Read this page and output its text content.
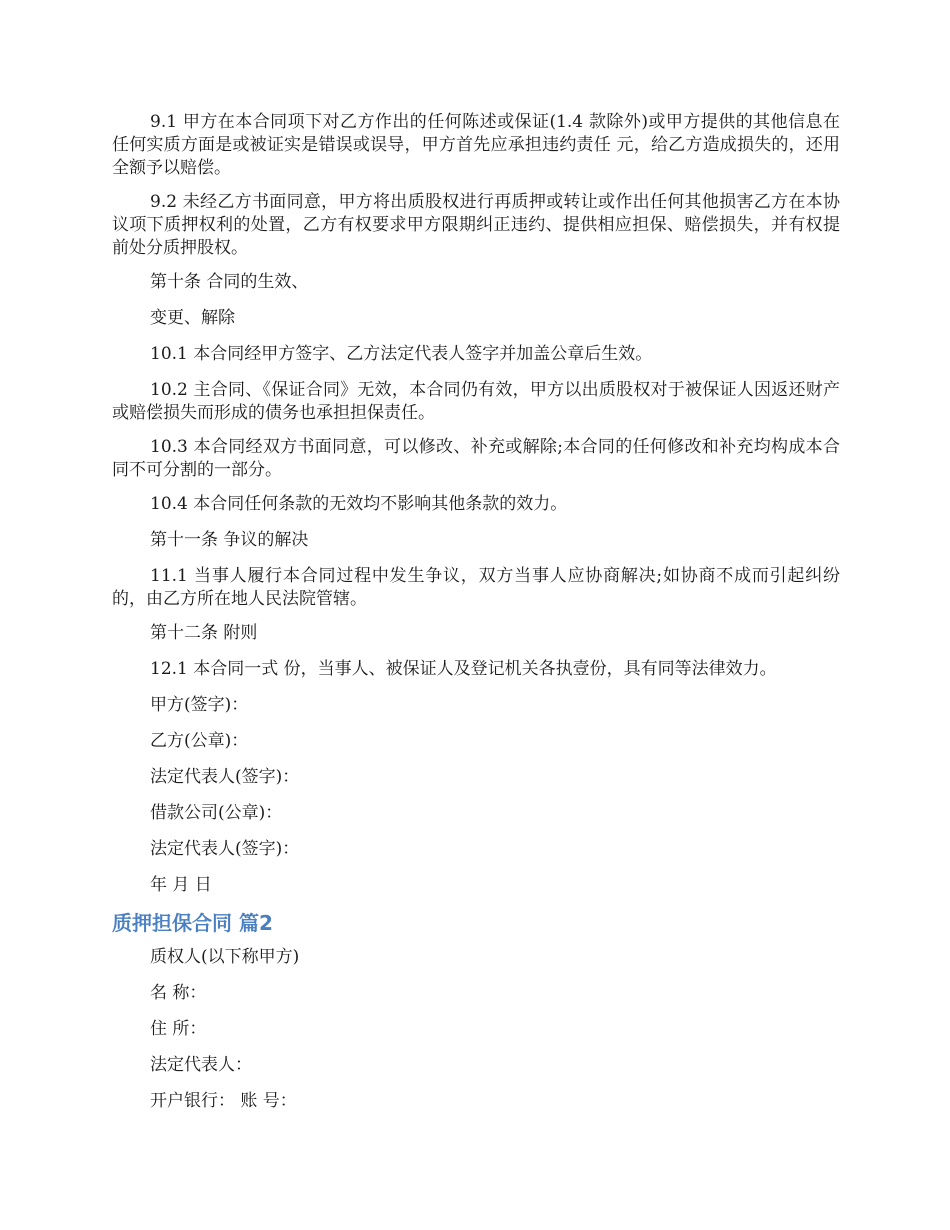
9.1 甲方在本合同项下对乙方作出的任何陈述或保证(1.4 款除外)或甲方提供的其他信息在任何实质方面是或被证实是错误或误导，甲方首先应承担违约责任 元，给乙方造成损失的，还用全额予以赔偿。

9.2 未经乙方书面同意，甲方将出质股权进行再质押或转让或作出任何其他损害乙方在本协议项下质押权利的处置，乙方有权要求甲方限期纠正违约、提供相应担保、赔偿损失，并有权提前处分质押股权。

第十条 合同的生效、

变更、解除

10.1 本合同经甲方签字、乙方法定代表人签字并加盖公章后生效。

10.2 主合同、《保证合同》无效，本合同仍有效，甲方以出质股权对于被保证人因返还财产或赔偿损失而形成的债务也承担担保责任。

10.3 本合同经双方书面同意，可以修改、补充或解除;本合同的任何修改和补充均构成本合同不可分割的一部分。

10.4 本合同任何条款的无效均不影响其他条款的效力。

第十一条 争议的解决

11.1 当事人履行本合同过程中发生争议，双方当事人应协商解决;如协商不成而引起纠纷的，由乙方所在地人民法院管辖。

第十二条 附则

12.1 本合同一式 份，当事人、被保证人及登记机关各执壹份，具有同等法律效力。

甲方(签字)：

乙方(公章)：

法定代表人(签字)：

借款公司(公章)：

法定代表人(签字)：

年 月 日

质押担保合同 篇2

质权人(以下称甲方)

名 称：

住 所：

法定代表人：

开户银行： 账 号：
